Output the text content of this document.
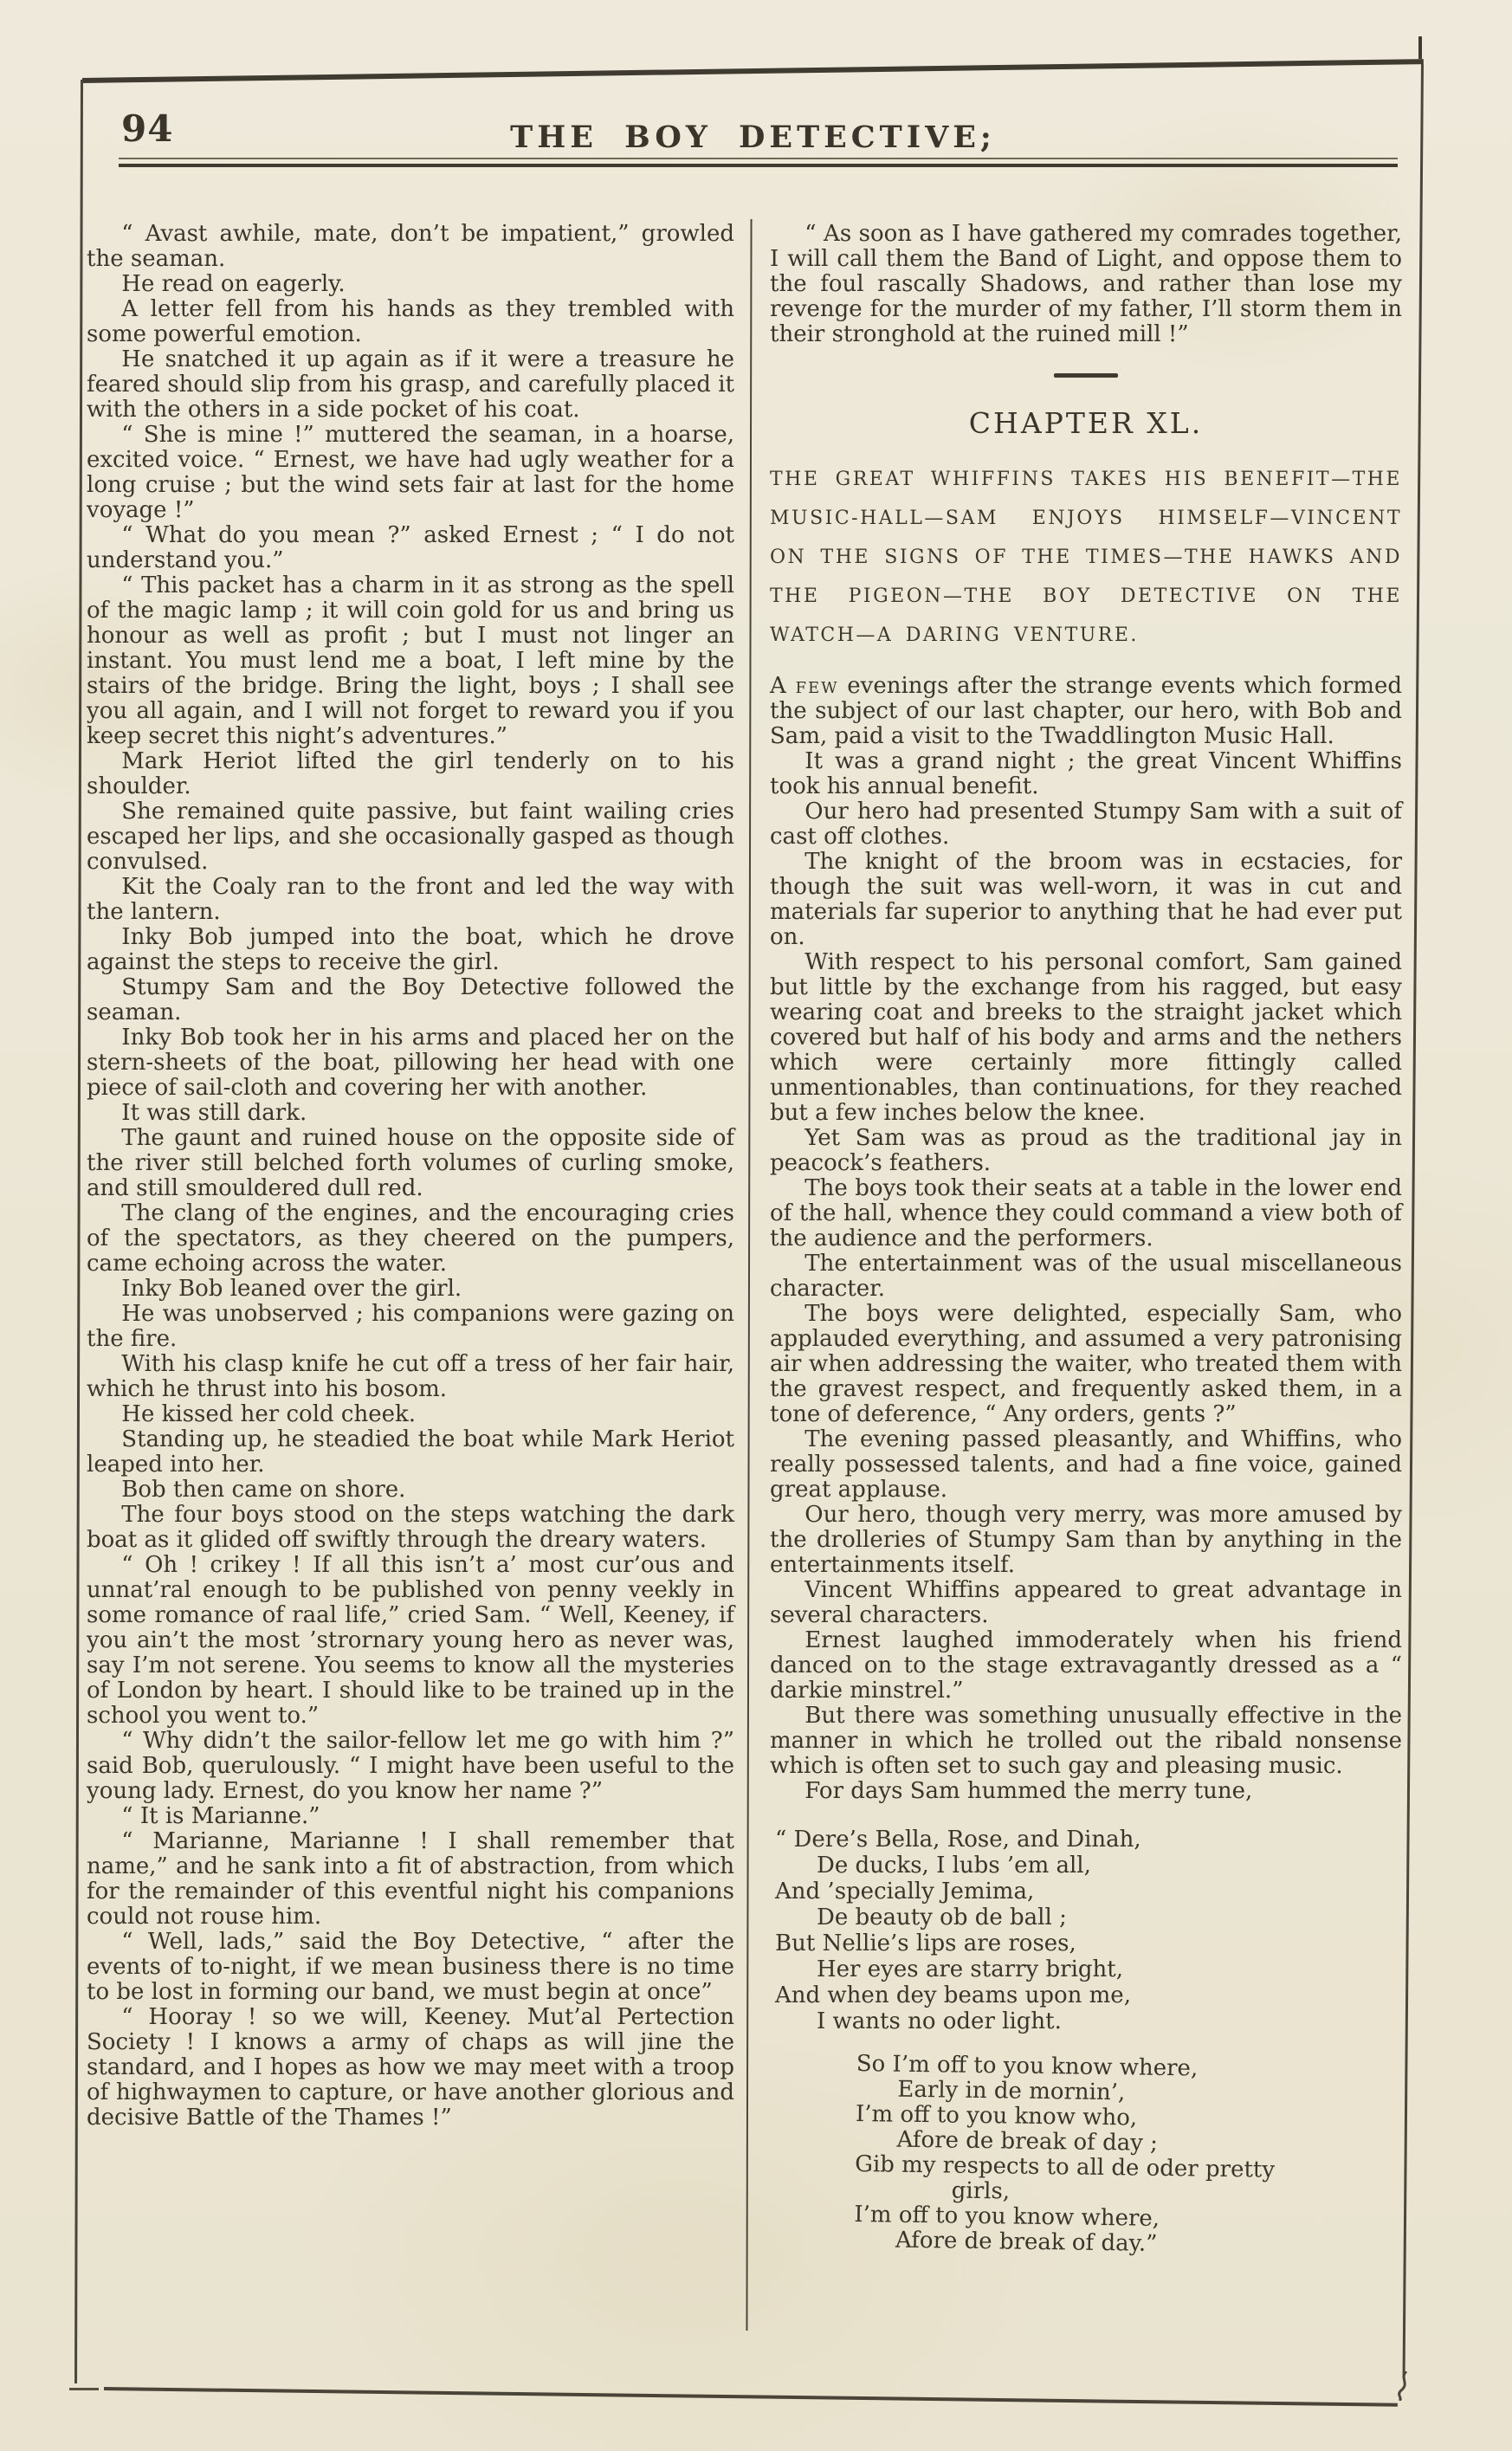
94	THE BOY DETECTIVE;

“ Avast awhile, mate, don’t be impatient,” growled the seaman.

He read on eagerly.

A letter fell from his hands as they trembled with some powerful emotion.

He snatched it up again as if it were a treasure he feared should slip from his grasp, and carefully placed it with the others in a side pocket of his coat.

“ She is mine !” muttered the seaman, in a hoarse, excited voice. “ Ernest, we have had ugly weather for a long cruise ; but the wind sets fair at last for the home voyage !”

“ What do you mean ?” asked Ernest ; “ I do not understand you.”

“ This packet has a charm in it as strong as the spell of the magic lamp ; it will coin gold for us and bring us honour as well as profit ; but I must not linger an instant. You must lend me a boat, I left mine by the stairs of the bridge. Bring the light, boys ; I shall see you all again, and I will not forget to reward you if you keep secret this night’s adventures.”

Mark Heriot lifted the girl tenderly on to his shoulder.

She remained quite passive, but faint wailing cries escaped her lips, and she occasionally gasped as though convulsed.

Kit the Coaly ran to the front and led the way with the lantern.

Inky Bob jumped into the boat, which he drove against the steps to receive the girl.

Stumpy Sam and the Boy Detective followed the seaman.

Inky Bob took her in his arms and placed her on the stern-sheets of the boat, pillowing her head with one piece of sail-cloth and covering her with another.

It was still dark.

The gaunt and ruined house on the opposite side of the river still belched forth volumes of curling smoke, and still smouldered dull red.

The clang of the engines, and the encouraging cries of the spectators, as they cheered on the pumpers, came echoing across the water.

Inky Bob leaned over the girl.

He was unobserved ; his companions were gazing on the fire.

With his clasp knife he cut off a tress of her fair hair, which he thrust into his bosom.

He kissed her cold cheek.

Standing up, he steadied the boat while Mark Heriot leaped into her.

Bob then came on shore.

The four boys stood on the steps watching the dark boat as it glided off swiftly through the dreary waters.

“ Oh ! crikey ! If all this isn’t a’ most cur’ous and unnat’ral enough to be published von penny veekly in some romance of raal life,” cried Sam. “ Well, Keeney, if you ain’t the most ’strornary young hero as never was, say I’m not serene. You seems to know all the mysteries of London by heart. I should like to be trained up in the school you went to.”

“ Why didn’t the sailor-fellow let me go with him ?” said Bob, querulously. “ I might have been useful to the young lady. Ernest, do you know her name ?”

“ It is Marianne.”

“ Marianne, Marianne ! I shall remember that name,” and he sank into a fit of abstraction, from which for the remainder of this eventful night his companions could not rouse him.

“ Well, lads,” said the Boy Detective, “ after the events of to-night, if we mean business there is no time to be lost in forming our band, we must begin at once”

“ Hooray ! so we will, Keeney. Mut’al Pertection Society ! I knows a army of chaps as will jine the standard, and I hopes as how we may meet with a troop of highwaymen to capture, or have another glorious and decisive Battle of the Thames !”

“ As soon as I have gathered my comrades together, I will call them the Band of Light, and oppose them to the foul rascally Shadows, and rather than lose my revenge for the murder of my father, I’ll storm them in their stronghold at the ruined mill !”

CHAPTER XL.

THE GREAT WHIFFINS TAKES HIS BENEFIT—THE MUSIC-HALL—SAM ENJOYS HIMSELF—VINCENT ON THE SIGNS OF THE TIMES—THE HAWKS AND THE PIGEON—THE BOY DETECTIVE ON THE WATCH—A DARING VENTURE.

A few evenings after the strange events which formed the subject of our last chapter, our hero, with Bob and Sam, paid a visit to the Twaddlington Music Hall.

It was a grand night ; the great Vincent Whiffins took his annual benefit.

Our hero had presented Stumpy Sam with a suit of cast off clothes.

The knight of the broom was in ecstacies, for though the suit was well-worn, it was in cut and materials far superior to anything that he had ever put on.

With respect to his personal comfort, Sam gained but little by the exchange from his ragged, but easy wearing coat and breeks to the straight jacket which covered but half of his body and arms and the nethers which were certainly more fittingly called unmentionables, than continuations, for they reached but a few inches below the knee.

Yet Sam was as proud as the traditional jay in peacock’s feathers.

The boys took their seats at a table in the lower end of the hall, whence they could command a view both of the audience and the performers.

The entertainment was of the usual miscellaneous character.

The boys were delighted, especially Sam, who applauded everything, and assumed a very patronising air when addressing the waiter, who treated them with the gravest respect, and frequently asked them, in a tone of deference, “ Any orders, gents ?”

The evening passed pleasantly, and Whiffins, who really possessed talents, and had a fine voice, gained great applause.

Our hero, though very merry, was more amused by the drolleries of Stumpy Sam than by anything in the entertainments itself.

Vincent Whiffins appeared to great advantage in several characters.

Ernest laughed immoderately when his friend danced on to the stage extravagantly dressed as a “ darkie minstrel.”

But there was something unusually effective in the manner in which he trolled out the ribald nonsense which is often set to such gay and pleasing music.

For days Sam hummed the merry tune,

“ Dere’s Bella, Rose, and Dinah,

De ducks, I lubs ’em all,

And ’specially Jemima,

De beauty ob de ball ;

But Nellie’s lips are roses,

Her eyes are starry bright,

And when dey beams upon me,

I wants no oder light.

So I’m off to you know where,

Early in de mornin’,

I’m off to you know who,

Afore de break of day ;

Gib my respects to all de oder pretty

girls,

I’m off to you know where,

Afore de break of day.”
